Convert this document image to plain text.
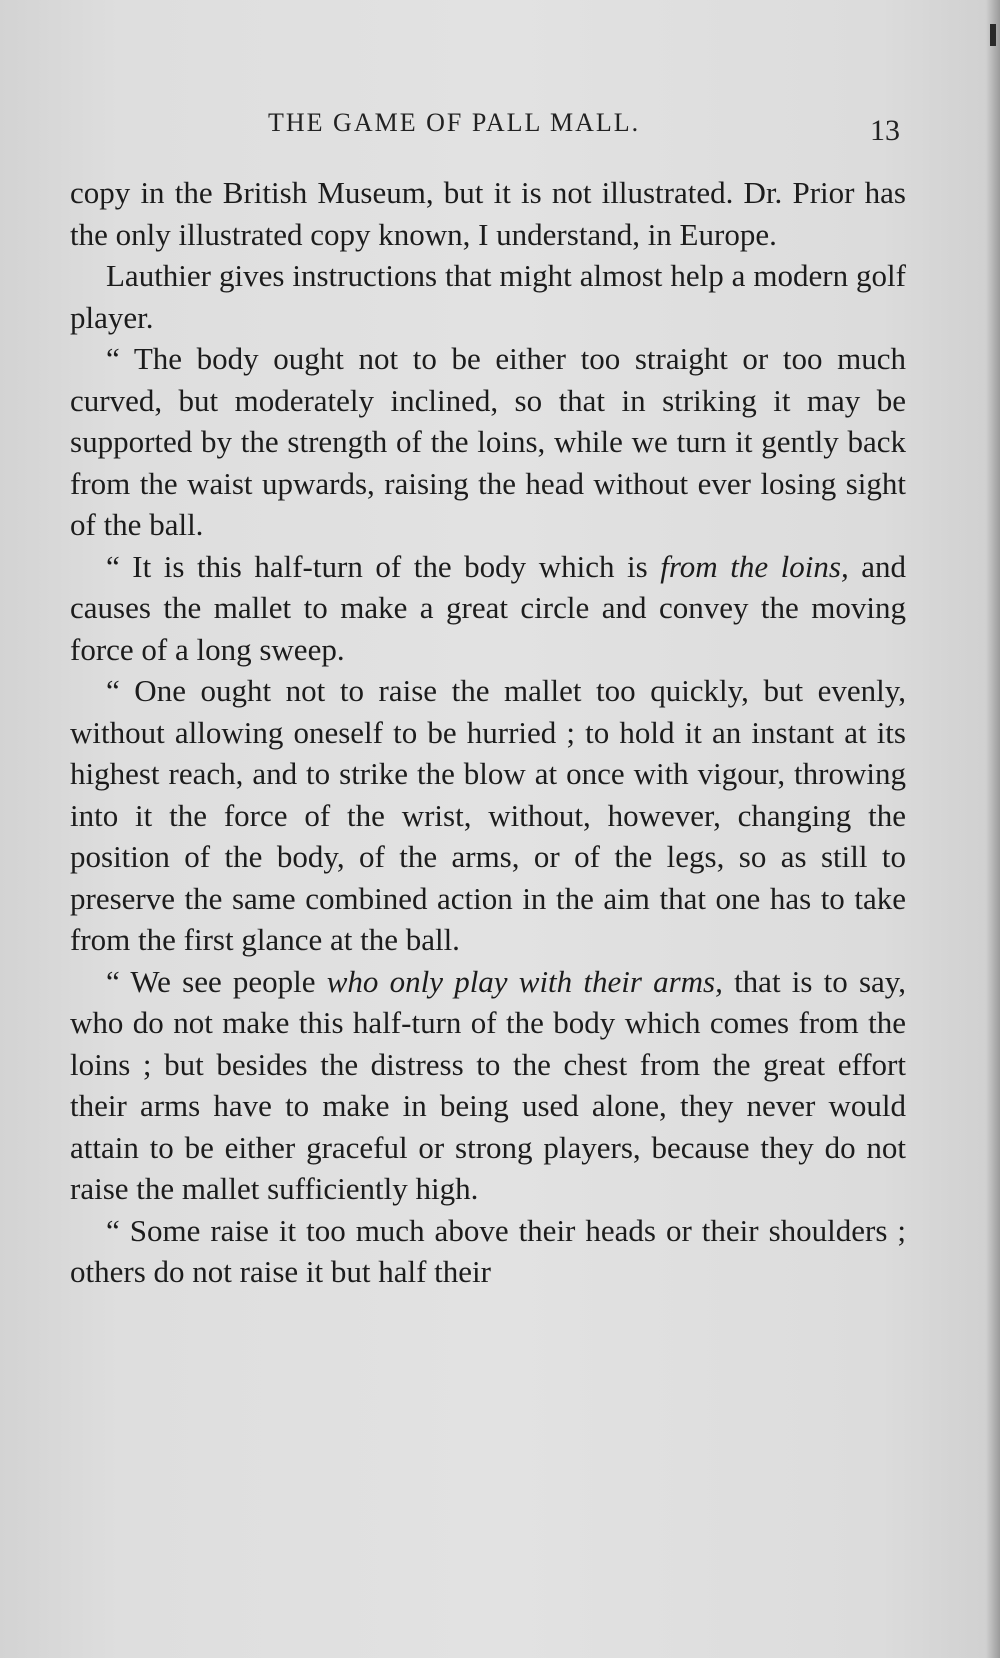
THE GAME OF PALL MALL.	13

copy in the British Museum, but it is not illustrated. Dr. Prior has the only illustrated copy known, I understand, in Europe.

Lauthier gives instructions that might almost help a modern golf player.

“ The body ought not to be either too straight or too much curved, but moderately inclined, so that in striking it may be supported by the strength of the loins, while we turn it gently back from the waist upwards, raising the head without ever losing sight of the ball.

“ It is this half-turn of the body which is from the loins, and causes the mallet to make a great circle and convey the moving force of a long sweep.

“ One ought not to raise the mallet too quickly, but evenly, without allowing oneself to be hurried ; to hold it an instant at its highest reach, and to strike the blow at once with vigour, throwing into it the force of the wrist, without, however, changing the position of the body, of the arms, or of the legs, so as still to preserve the same combined action in the aim that one has to take from the first glance at the ball.

“ We see people who only play with their arms, that is to say, who do not make this half-turn of the body which comes from the loins ; but besides the distress to the chest from the great effort their arms have to make in being used alone, they never would attain to be either graceful or strong players, because they do not raise the mallet sufficiently high.

“ Some raise it too much above their heads or their shoulders ; others do not raise it but half their
